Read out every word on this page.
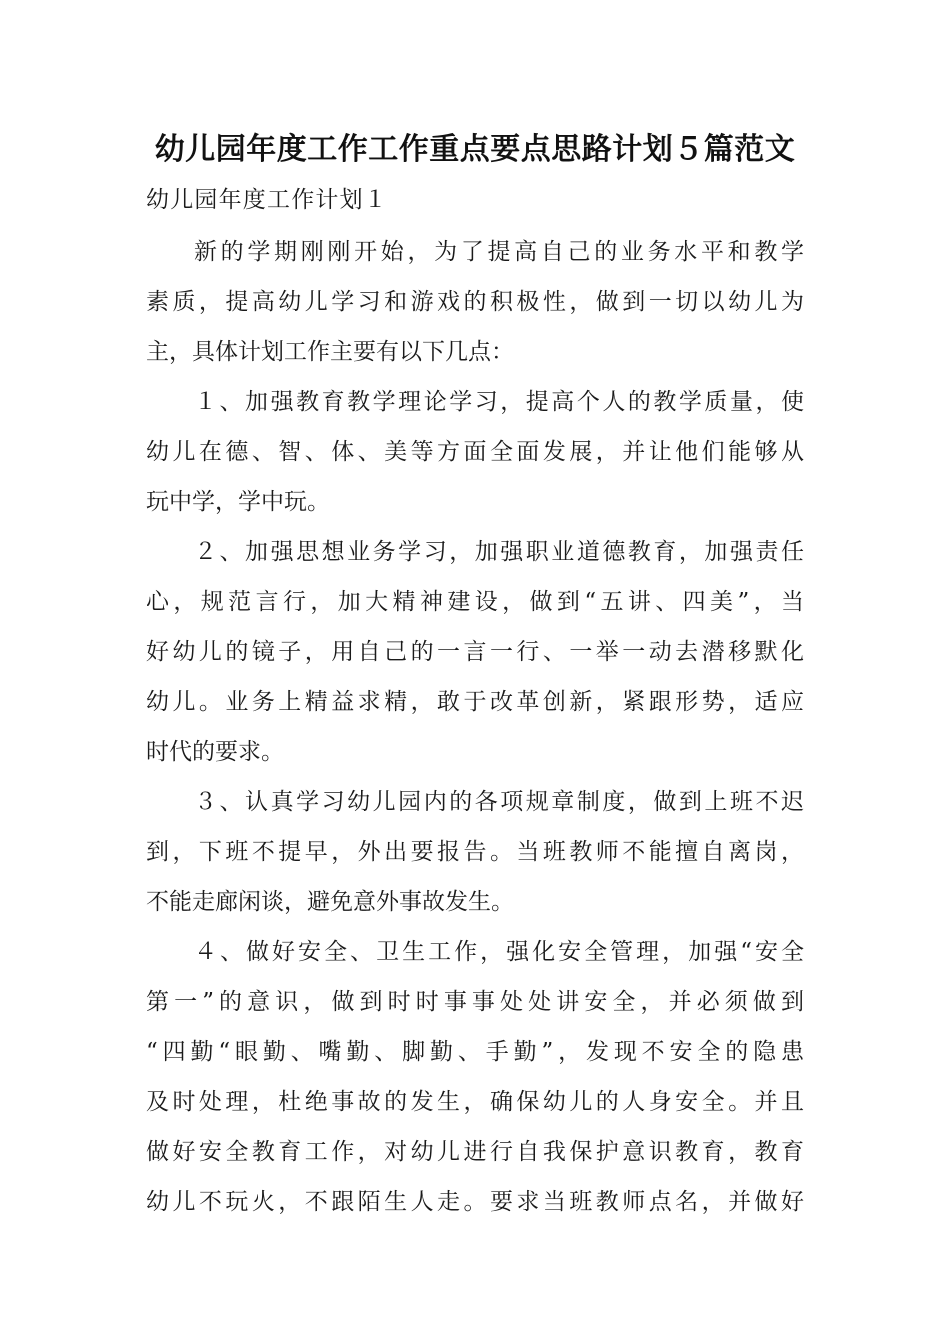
幼儿园年度工作工作重点要点思路计划５篇范文
幼儿园年度工作计划１
新的学期刚刚开始，为了提高自己的业务水平和教学
素质，提高幼儿学习和游戏的积极性，做到一切以幼儿为
主，具体计划工作主要有以下几点：
１、加强教育教学理论学习，提高个人的教学质量，使
幼儿在德、智、体、美等方面全面发展，并让他们能够从
玩中学，学中玩。
２、加强思想业务学习，加强职业道德教育，加强责任
心，规范言行，加大精神建设，做到“五讲、四美”，当
好幼儿的镜子，用自己的一言一行、一举一动去潜移默化
幼儿。业务上精益求精，敢于改革创新，紧跟形势，适应
时代的要求。
３、认真学习幼儿园内的各项规章制度，做到上班不迟
到，下班不提早，外出要报告。当班教师不能擅自离岗，
不能走廊闲谈，避免意外事故发生。
４、做好安全、卫生工作，强化安全管理，加强“安全
第一”的意识，做到时时事事处处讲安全，并必须做到
“四勤“眼勤、嘴勤、脚勤、手勤”，发现不安全的隐患
及时处理，杜绝事故的发生，确保幼儿的人身安全。并且
做好安全教育工作，对幼儿进行自我保护意识教育，教育
幼儿不玩火，不跟陌生人走。要求当班教师点名，并做好
